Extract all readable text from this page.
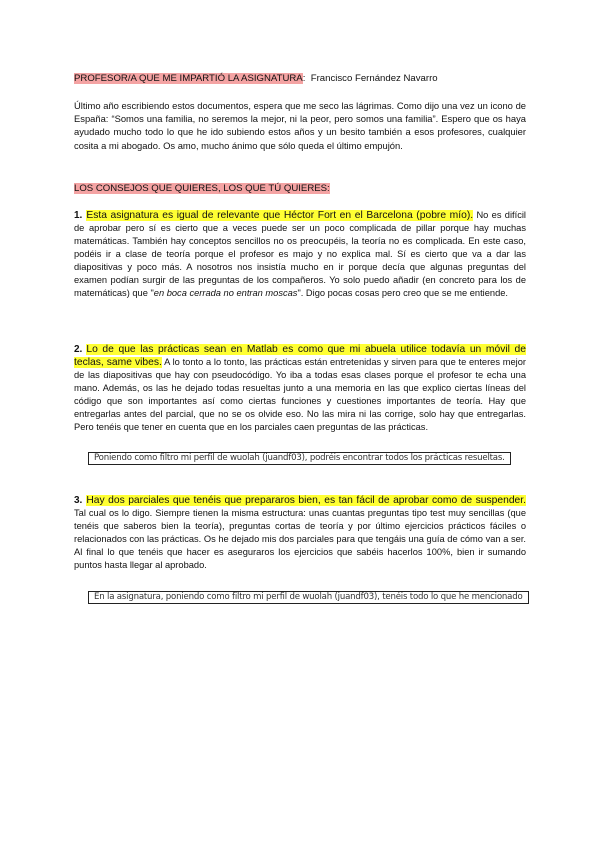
PROFESOR/A QUE ME IMPARTIÓ LA ASIGNATURA: Francisco Fernández Navarro
Último año escribiendo estos documentos, espera que me seco las lágrimas. Como dijo una vez un icono de España: “Somos una familia, no seremos la mejor, ni la peor, pero somos una familia”. Espero que os haya ayudado mucho todo lo que he ido subiendo estos años y un besito también a esos profesores, cualquier cosita a mi abogado. Os amo, mucho ánimo que sólo queda el último empujón.
LOS CONSEJOS QUE QUIERES, LOS QUE TÚ QUIERES:
1. Esta asignatura es igual de relevante que Héctor Fort en el Barcelona (pobre mío). No es difícil de aprobar pero sí es cierto que a veces puede ser un poco complicada de pillar porque hay muchas matemáticas. También hay conceptos sencillos no os preocupéis, la teoría no es complicada. En este caso, podéis ir a clase de teoría porque el profesor es majo y no explica mal. Sí es cierto que va a dar las diapositivas y poco más. A nosotros nos insistía mucho en ir porque decía que algunas preguntas del examen podían surgir de las preguntas de los compañeros. Yo solo puedo añadir (en concreto para los de matemáticas) que "en boca cerrada no entran moscas". Digo pocas cosas pero creo que se me entiende.
2. Lo de que las prácticas sean en Matlab es como que mi abuela utilice todavía un móvil de teclas, same vibes. A lo tonto a lo tonto, las prácticas están entretenidas y sirven para que te enteres mejor de las diapositivas que hay con pseudocódigo. Yo iba a todas esas clases porque el profesor te echa una mano. Además, os las he dejado todas resueltas junto a una memoria en las que explico ciertas líneas del código que son importantes así como ciertas funciones y cuestiones importantes de teoría. Hay que entregarlas antes del parcial, que no se os olvide eso. No las mira ni las corrige, solo hay que entregarlas. Pero tenéis que tener en cuenta que en los parciales caen preguntas de las prácticas.
Poniendo como filtro mi perfil de wuolah (juandf03), podréis encontrar todos los prácticas resueltas.
3. Hay dos parciales que tenéis que prepararos bien, es tan fácil de aprobar como de suspender. Tal cual os lo digo. Siempre tienen la misma estructura: unas cuantas preguntas tipo test muy sencillas (que tenéis que saberos bien la teoría), preguntas cortas de teoría y por último ejercicios prácticos fáciles o relacionados con las prácticas. Os he dejado mis dos parciales para que tengáis una guía de cómo van a ser. Al final lo que tenéis que hacer es aseguraros los ejercicios que sabéis hacerlos 100%, bien ir sumando puntos hasta llegar al aprobado.
En la asignatura, poniendo como filtro mi perfil de wuolah (juandf03), tenéis todo lo que he mencionado
